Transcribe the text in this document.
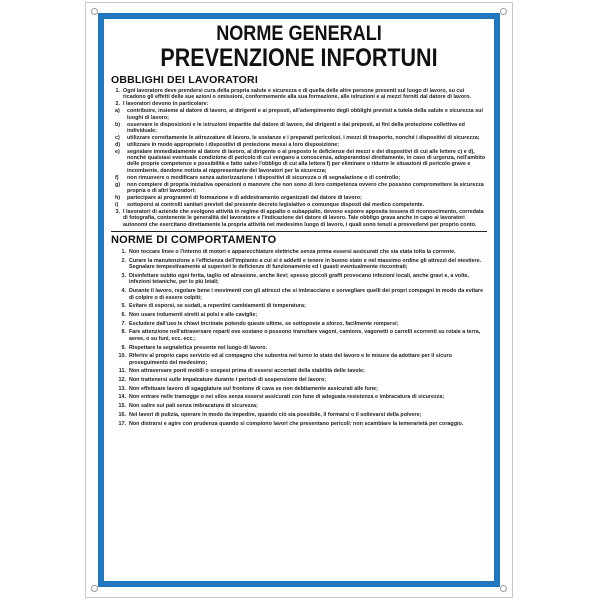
NORME GENERALI
PREVENZIONE INFORTUNI
OBBLIGHI DEI LAVORATORI
1. Ogni lavoratore deve prendersi cura della propria salute e sicurezza e di quella delle altre persone presenti sul luogo di lavoro, su cui ricadono gli effetti delle sue azioni o omissioni, conformemente alla sua formazione, alle istruzioni e ai mezzi forniti dal datore di lavoro.
2. I lavoratori devono in particolare:
a)	contribuire, insieme al datore di lavoro, ai dirigenti e ai preposti, all'adempimento degli obblighi previsti a tutela della salute e sicurezza sui luoghi di lavoro;
b)	osservare le disposizioni e le istruzioni impartite dal datore di lavoro, dai dirigenti e dai preposti, ai fini della protezione collettiva ed individuale;
c)	utilizzare correttamente le attrezzature di lavoro, le sostanze e i preparati pericolosi, i mezzi di trasporto, nonché i dispositivi di sicurezza;
d)	utilizzare in modo appropriato i dispositivi di protezione messi a loro disposizione;
e)	segnalare immediatamente al datore di lavoro, al dirigente o al preposto le deficienze dei mezzi e dei dispositivi di cui alle lettere c) e d), nonché qualsiasi eventuale condizione di pericolo di cui vengano a conoscenza, adoperandosi direttamente, in caso di urgenza, nell'ambito delle proprie competenze e possibilità e fatto salvo l'obbligo di cui alla lettera f) per eliminare o ridurre le situazioni di pericolo grave e incombente, dandone notizia al rappresentante dei lavoratori per la sicurezza;
f)	non rimuovere o modificare senza autorizzazione i dispositivi di sicurezza o di segnalazione o di controllo;
g)	non compiere di propria iniziativa operazioni o manovre che non sono di loro competenza ovvero che possono compromettere la sicurezza propria o di altri lavoratori;
h)	partecipare ai programmi di formazione e di addestramento organizzati dal datore di lavoro;
i)	sottoporsi ai controlli sanitari previsti dal presente decreto legislativo o comunque disposti dal medico competente.
3. I lavoratori di aziende che svolgono attività in regime di appalto o subappalto, devono esporre apposita tessera di riconoscimento, corredata di fotografia, contenente le generalità del lavoratore e l'indicazione del datore di lavoro. Tale obbligo grava anche in capo ai lavoratori autonomi che esercitano direttamente la propria attività nel medesimo luogo di lavoro, i quali sono tenuti a provvedervi per proprio conto.
NORME DI COMPORTAMENTO
1. Non toccare linee o l'interno di motori e apparecchiature elettriche senza prima essersi assicurati che sia stata tolta la corrente.
2. Curare la manutenzione e l'efficienza dell'impianto a cui si è addetti e tenere in buono stato e nel massimo ordine gli attrezzi del mestiere. Segnalare tempestivamente ai superiori le deficienze di funzionamento ed i guasti eventualmente riscontrati;
3. Disinfettare subito ogni ferita, taglio od abrasione, anche lievi; spesso piccoli graffi provocano infezioni locali, anche gravi e, a volte, infezioni tetaniche, per lo più letali;
4. Durante il lavoro, regolare bene i movimenti con gli attrezzi che si imbracciano e sorvegliare quelli dei propri compagni in modo da evitare di colpire o di essere colpiti;
5. Evitare di esporsi, se sudati, a repentini cambiamenti di temperatura;
6. Non usare indumenti stretti ai polsi e alle caviglie;
7. Escludere dall'uso le chiavi incrinate potendo queste ultime, se sottoposte a sforzo, facilmente rompersi;
8. Fare attenzione nell'attraversare reparti ove sostano o possono transitare vagoni, camions, vagonetti o carrelli scorrenti su rotaie a terra, aeree, o su funi, ecc. ecc.;
9. Rispettare la segnaletica presente nel luogo di lavoro.
10. Riferire al proprio capo servizio ed al compagno che subentra nel turno lo stato del lavoro e le misure da adottare per il sicuro proseguimento del medesimo;
11. Non attraversare ponti mobili o sospesi prima di essersi accertati della stabilità delle tavole;
12. Non trattenersi sulle impalcature durante i periodi di sospensione del lavoro;
13. Non effettuare lavoro di sgaggiatura sul frontone di cava se non debitamente assicurati alle fune;
14. Non entrare nelle tramogge o nei silos senza essersi assicurati con fune di adeguata resistenza e imbracatura di sicurezza;
15. Non salire sui pali senza imbracatura di sicurezza;
16. Nei lavori di pulizia, operare in modo da impedire, quando ciò sia possibile, il formarsi o il sollevarsi della polvere;
17. Non distrarsi e agire con prudenza quando si compiono lavori che presentano pericoli: non scambiare la temerarietà per coraggio.
